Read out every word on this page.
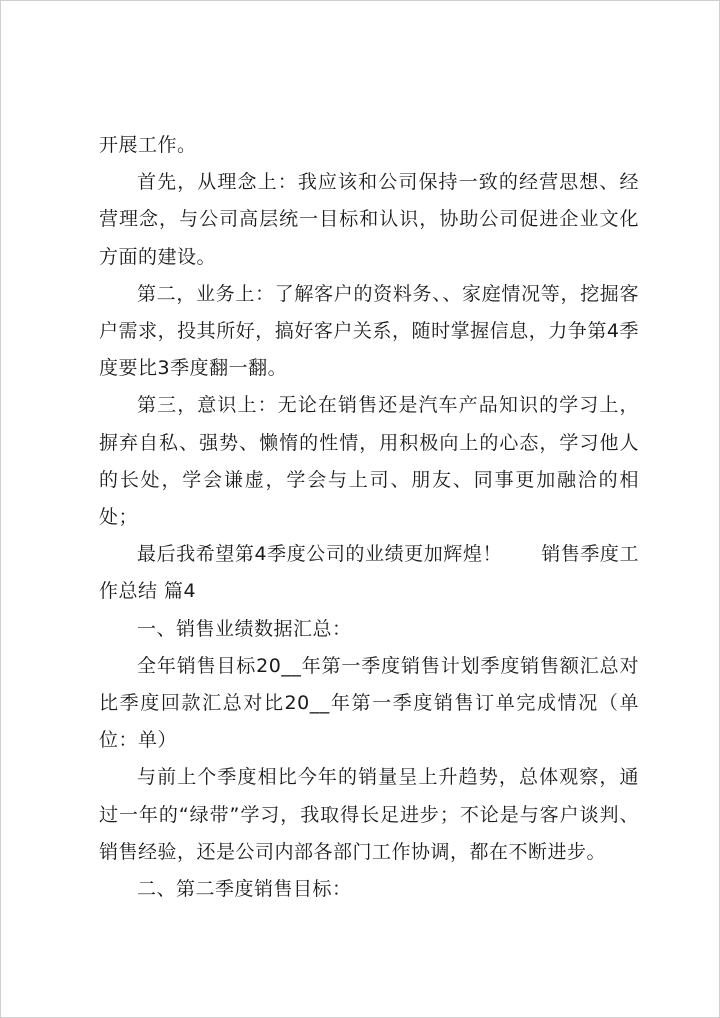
开展工作。

首先，从理念上：我应该和公司保持一致的经营思想、经营理念，与公司高层统一目标和认识，协助公司促进企业文化方面的建设。

第二，业务上：了解客户的资料务、、家庭情况等，挖掘客户需求，投其所好，搞好客户关系，随时掌握信息，力争第4季度要比3季度翻一翻。

第三，意识上：无论在销售还是汽车产品知识的学习上，摒弃自私、强势、懒惰的性情，用积极向上的心态，学习他人的长处，学会谦虚，学会与上司、朋友、同事更加融洽的相处；

最后我希望第4季度公司的业绩更加辉煌！　　销售季度工作总结 篇4

一、销售业绩数据汇总：

全年销售目标20__年第一季度销售计划季度销售额汇总对比季度回款汇总对比20__年第一季度销售订单完成情况（单位：单）

与前上个季度相比今年的销量呈上升趋势，总体观察，通过一年的“绿带”学习，我取得长足进步；不论是与客户谈判、销售经验，还是公司内部各部门工作协调，都在不断进步。

二、第二季度销售目标：
